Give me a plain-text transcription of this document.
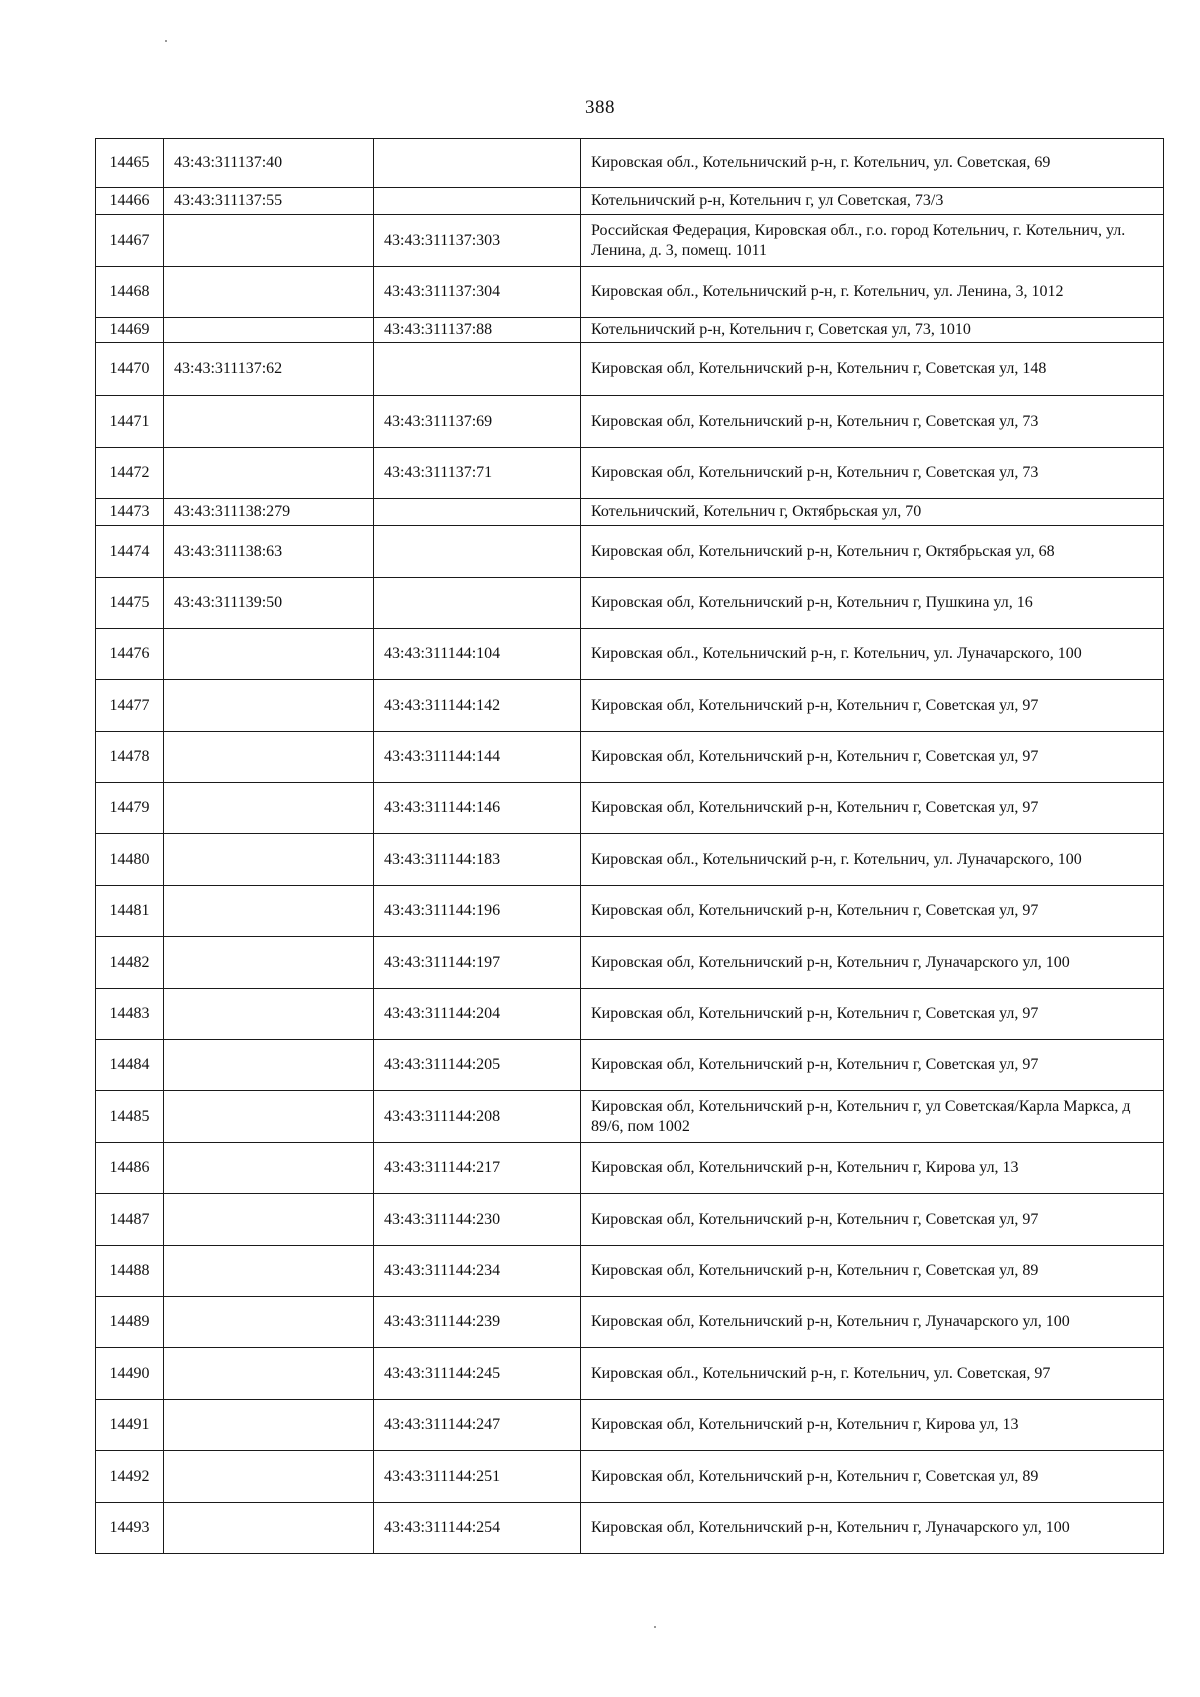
388
14465	43:43:311137:40		Кировская обл., Котельничский р-н, г. Котельнич, ул. Советская, 69
14466	43:43:311137:55		Котельничский р-н, Котельнич г, ул Советская, 73/3
14467		43:43:311137:303	Российская Федерация, Кировская обл., г.о. город Котельнич, г. Котельнич, ул. Ленина, д. 3, помещ. 1011
14468		43:43:311137:304	Кировская обл., Котельничский р-н, г. Котельнич, ул. Ленина, 3, 1012
14469		43:43:311137:88	Котельничский р-н, Котельнич г, Советская ул, 73, 1010
14470	43:43:311137:62		Кировская обл, Котельничский р-н, Котельнич г, Советская ул, 148
14471		43:43:311137:69	Кировская обл, Котельничский р-н, Котельнич г, Советская ул, 73
14472		43:43:311137:71	Кировская обл, Котельничский р-н, Котельнич г, Советская ул, 73
14473	43:43:311138:279		Котельничский, Котельнич г, Октябрьская ул, 70
14474	43:43:311138:63		Кировская обл, Котельничский р-н, Котельнич г, Октябрьская ул, 68
14475	43:43:311139:50		Кировская обл, Котельничский р-н, Котельнич г, Пушкина ул, 16
14476		43:43:311144:104	Кировская обл., Котельничский р-н, г. Котельнич, ул. Луначарского, 100
14477		43:43:311144:142	Кировская обл, Котельничский р-н, Котельнич г, Советская ул, 97
14478		43:43:311144:144	Кировская обл, Котельничский р-н, Котельнич г, Советская ул, 97
14479		43:43:311144:146	Кировская обл, Котельничский р-н, Котельнич г, Советская ул, 97
14480		43:43:311144:183	Кировская обл., Котельничский р-н, г. Котельнич, ул. Луначарского, 100
14481		43:43:311144:196	Кировская обл, Котельничский р-н, Котельнич г, Советская ул, 97
14482		43:43:311144:197	Кировская обл, Котельничский р-н, Котельнич г, Луначарского ул, 100
14483		43:43:311144:204	Кировская обл, Котельничский р-н, Котельнич г, Советская ул, 97
14484		43:43:311144:205	Кировская обл, Котельничский р-н, Котельнич г, Советская ул, 97
14485		43:43:311144:208	Кировская обл, Котельничский р-н, Котельнич г, ул Советская/Карла Маркса, д 89/6, пом 1002
14486		43:43:311144:217	Кировская обл, Котельничский р-н, Котельнич г, Кирова ул, 13
14487		43:43:311144:230	Кировская обл, Котельничский р-н, Котельнич г, Советская ул, 97
14488		43:43:311144:234	Кировская обл, Котельничский р-н, Котельнич г, Советская ул, 89
14489		43:43:311144:239	Кировская обл, Котельничский р-н, Котельнич г, Луначарского ул, 100
14490		43:43:311144:245	Кировская обл., Котельничский р-н, г. Котельнич, ул. Советская, 97
14491		43:43:311144:247	Кировская обл, Котельничский р-н, Котельнич г, Кирова ул, 13
14492		43:43:311144:251	Кировская обл, Котельничский р-н, Котельнич г, Советская ул, 89
14493		43:43:311144:254	Кировская обл, Котельничский р-н, Котельнич г, Луначарского ул, 100
